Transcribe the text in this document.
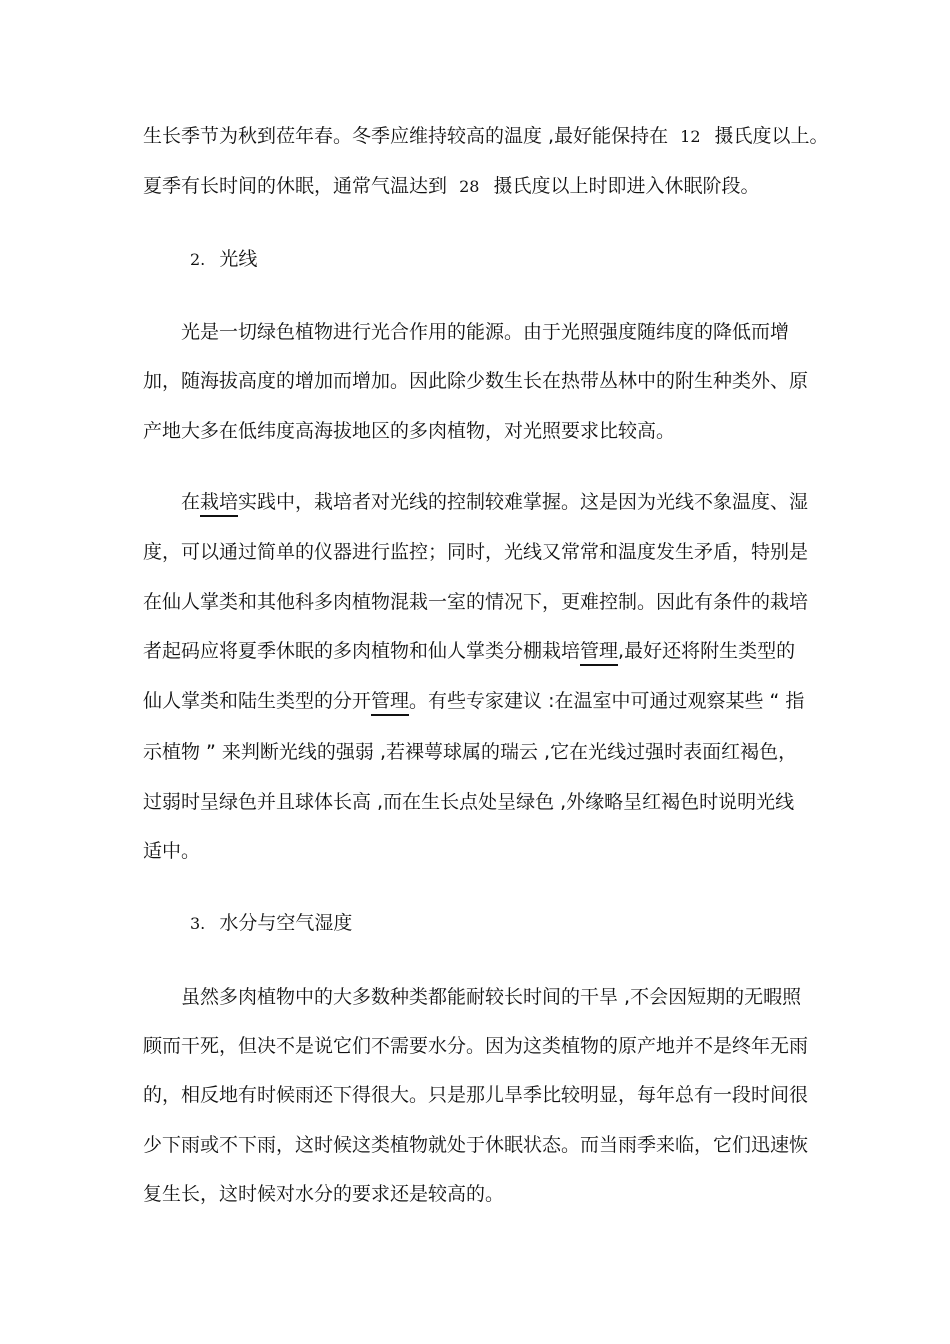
生长季节为秋到莅年春。冬季应维持较高的温度 ,最好能保持在 12 摄氏度以上。
夏季有长时间的休眠，通常气温达到 28 摄氏度以上时即进入休眠阶段。
2. 光线
光是一切绿色植物进行光合作用的能源。由于光照强度随纬度的降低而增
加，随海拔高度的增加而增加。因此除少数生长在热带丛林中的附生种类外、原
产地大多在低纬度高海拔地区的多肉植物，对光照要求比较高。
在栽培实践中，栽培者对光线的控制较难掌握。这是因为光线不象温度、湿
度，可以通过简单的仪器进行监控；同时，光线又常常和温度发生矛盾，特别是
在仙人掌类和其他科多肉植物混栽一室的情况下，更难控制。因此有条件的栽培
者起码应将夏季休眠的多肉植物和仙人掌类分棚栽培管理,最好还将附生类型的
仙人掌类和陆生类型的分开管理。有些专家建议 :在温室中可通过观察某些 “ 指
示植物 ” 来判断光线的强弱 ,若裸萼球属的瑞云 ,它在光线过强时表面红褐色，
过弱时呈绿色并且球体长高 ,而在生长点处呈绿色 ,外缘略呈红褐色时说明光线
适中。
3. 水分与空气湿度
虽然多肉植物中的大多数种类都能耐较长时间的干旱 ,不会因短期的无暇照
顾而干死，但决不是说它们不需要水分。因为这类植物的原产地并不是终年无雨
的，相反地有时候雨还下得很大。只是那儿旱季比较明显，每年总有一段时间很
少下雨或不下雨，这时候这类植物就处于休眠状态。而当雨季来临，它们迅速恢
复生长，这时候对水分的要求还是较高的。
